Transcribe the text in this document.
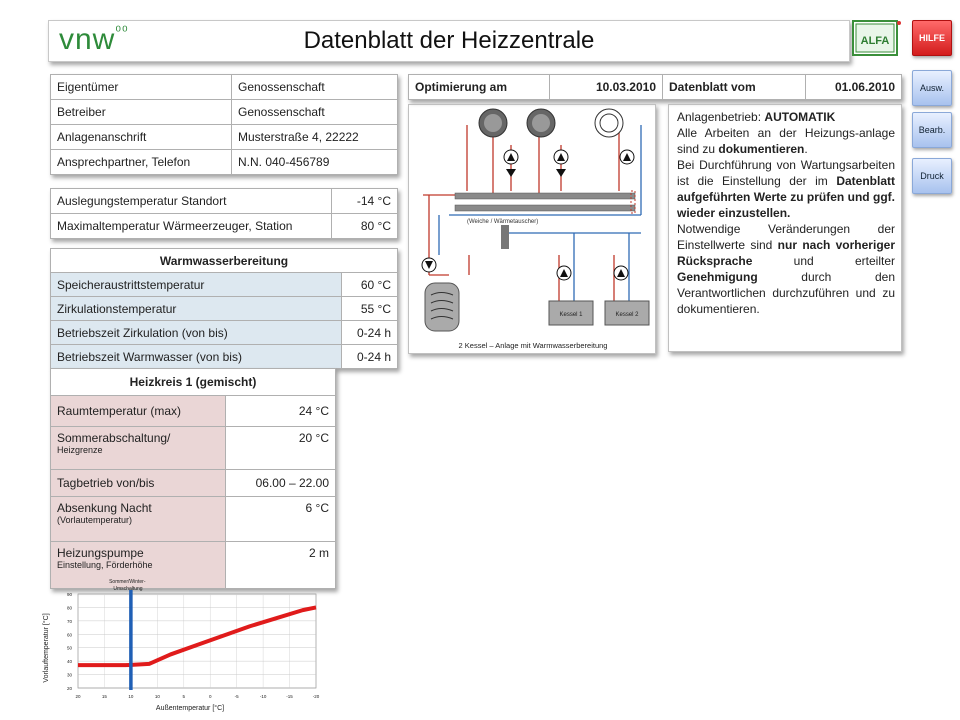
vnw$^{^{00}}$	Datenblatt der Heizzentrale	ALFA	HILFE
Ausw.
Bearb.
Druck
Eigentümer	Genossenschaft
Betreiber	Genossenschaft
Anlagenanschrift	Musterstraße 4, 22222
Ansprechpartner, Telefon	N.N. 040-456789
Auslegungstemperatur Standort	-14 °C
Maximaltemperatur Wärmeerzeuger, Station	80 °C
Warmwasserbereitung	
Speicheraustrittstemperatur	60 °C
Zirkulationstemperatur	55 °C
Betriebszeit Zirkulation (von bis)	0-24 h
Betriebszeit Warmwasser (von bis)	0-24 h
Heizkreis 1 (gemischt)	
Raumtemperatur (max)	24 °C
Sommerabschaltung/
Heizgrenze	20 °C
Tagbetrieb von/bis	06.00 – 22.00
Absenkung Nacht
(Vorlautemperatur)	6 °C
Heizungspumpe
Einstellung, Förderhöhe	2 m
Optimierung am	10.03.2010	Datenblatt vom	01.06.2010
(Weiche / Wärmetauscher)
Kessel 1	Kessel 2
2 Kessel – Anlage mit Warmwasserbereitung
Anlagenbetrieb: AUTOMATIK
Alle Arbeiten an der Heizungs-anlage sind zu dokumentieren.
Bei Durchführung von Wartungsarbeiten ist die Einstellung der im Datenblatt aufgeführten Werte zu prüfen und ggf. wieder einzustellen.
Notwendige Veränderungen der Einstellwerte sind nur nach vorheriger Rücksprache und erteilter Genehmigung durch den Verantwortlichen durchzuführen und zu dokumentieren.
Sommer/Winter- Umschaltung
Vorlauftemperatur [°C]
Außentemperatur [°C]
20
30
40
50
60
70
80
90
20	15	10	10	5	0	-5	-10	-15	-20
